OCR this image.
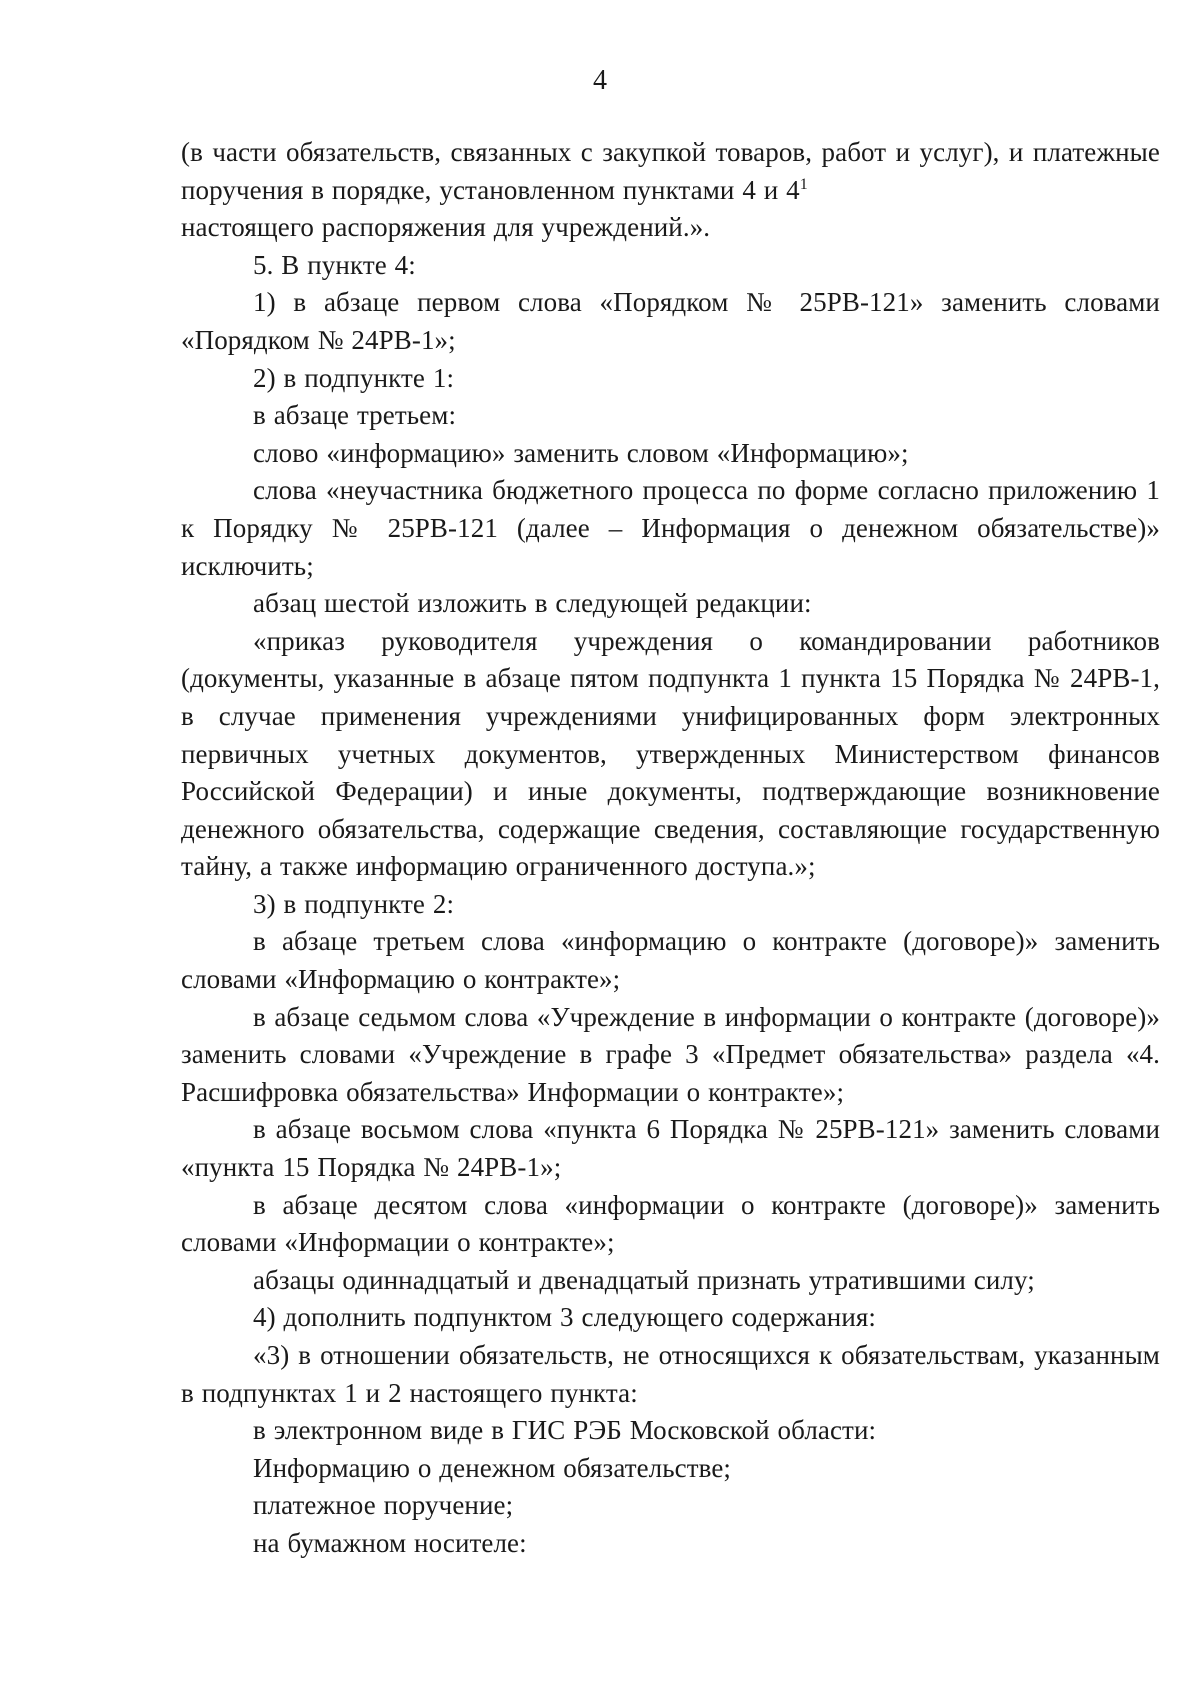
4

(в части обязательств, связанных с закупкой товаров, работ и услуг), и платежные поручения в порядке, установленном пунктами 4 и $4^1$

настоящего распоряжения для учреждений.».

5. В пункте 4:

1) в абзаце первом слова «Порядком № 25РВ-121» заменить словами «Порядком № 24РВ-1»;

2) в подпункте 1:

в абзаце третьем:

слово «информацию» заменить словом «Информацию»;

слова «неучастника бюджетного процесса по форме согласно приложению 1 к Порядку № 25РВ-121 (далее – Информация о денежном обязательстве)» исключить;

абзац шестой изложить в следующей редакции:

«приказ руководителя учреждения о командировании работников (документы, указанные в абзаце пятом подпункта 1 пункта 15 Порядка № 24РВ-1, в случае применения учреждениями унифицированных форм электронных первичных учетных документов, утвержденных Министерством финансов Российской Федерации) и иные документы, подтверждающие возникновение денежного обязательства, содержащие сведения, составляющие государственную тайну, а также информацию ограниченного доступа.»;

3) в подпункте 2:

в абзаце третьем слова «информацию о контракте (договоре)» заменить словами «Информацию о контракте»;

в абзаце седьмом слова «Учреждение в информации о контракте (договоре)» заменить словами «Учреждение в графе 3 «Предмет обязательства» раздела «4. Расшифровка обязательства» Информации о контракте»;

в абзаце восьмом слова «пункта 6 Порядка № 25РВ-121» заменить словами «пункта 15 Порядка № 24РВ-1»;

в абзаце десятом слова «информации о контракте (договоре)» заменить словами «Информации о контракте»;

абзацы одиннадцатый и двенадцатый признать утратившими силу;

4) дополнить подпунктом 3 следующего содержания:

«3) в отношении обязательств, не относящихся к обязательствам, указанным в подпунктах 1 и 2 настоящего пункта:

в электронном виде в ГИС РЭБ Московской области:

Информацию о денежном обязательстве;

платежное поручение;

на бумажном носителе:
